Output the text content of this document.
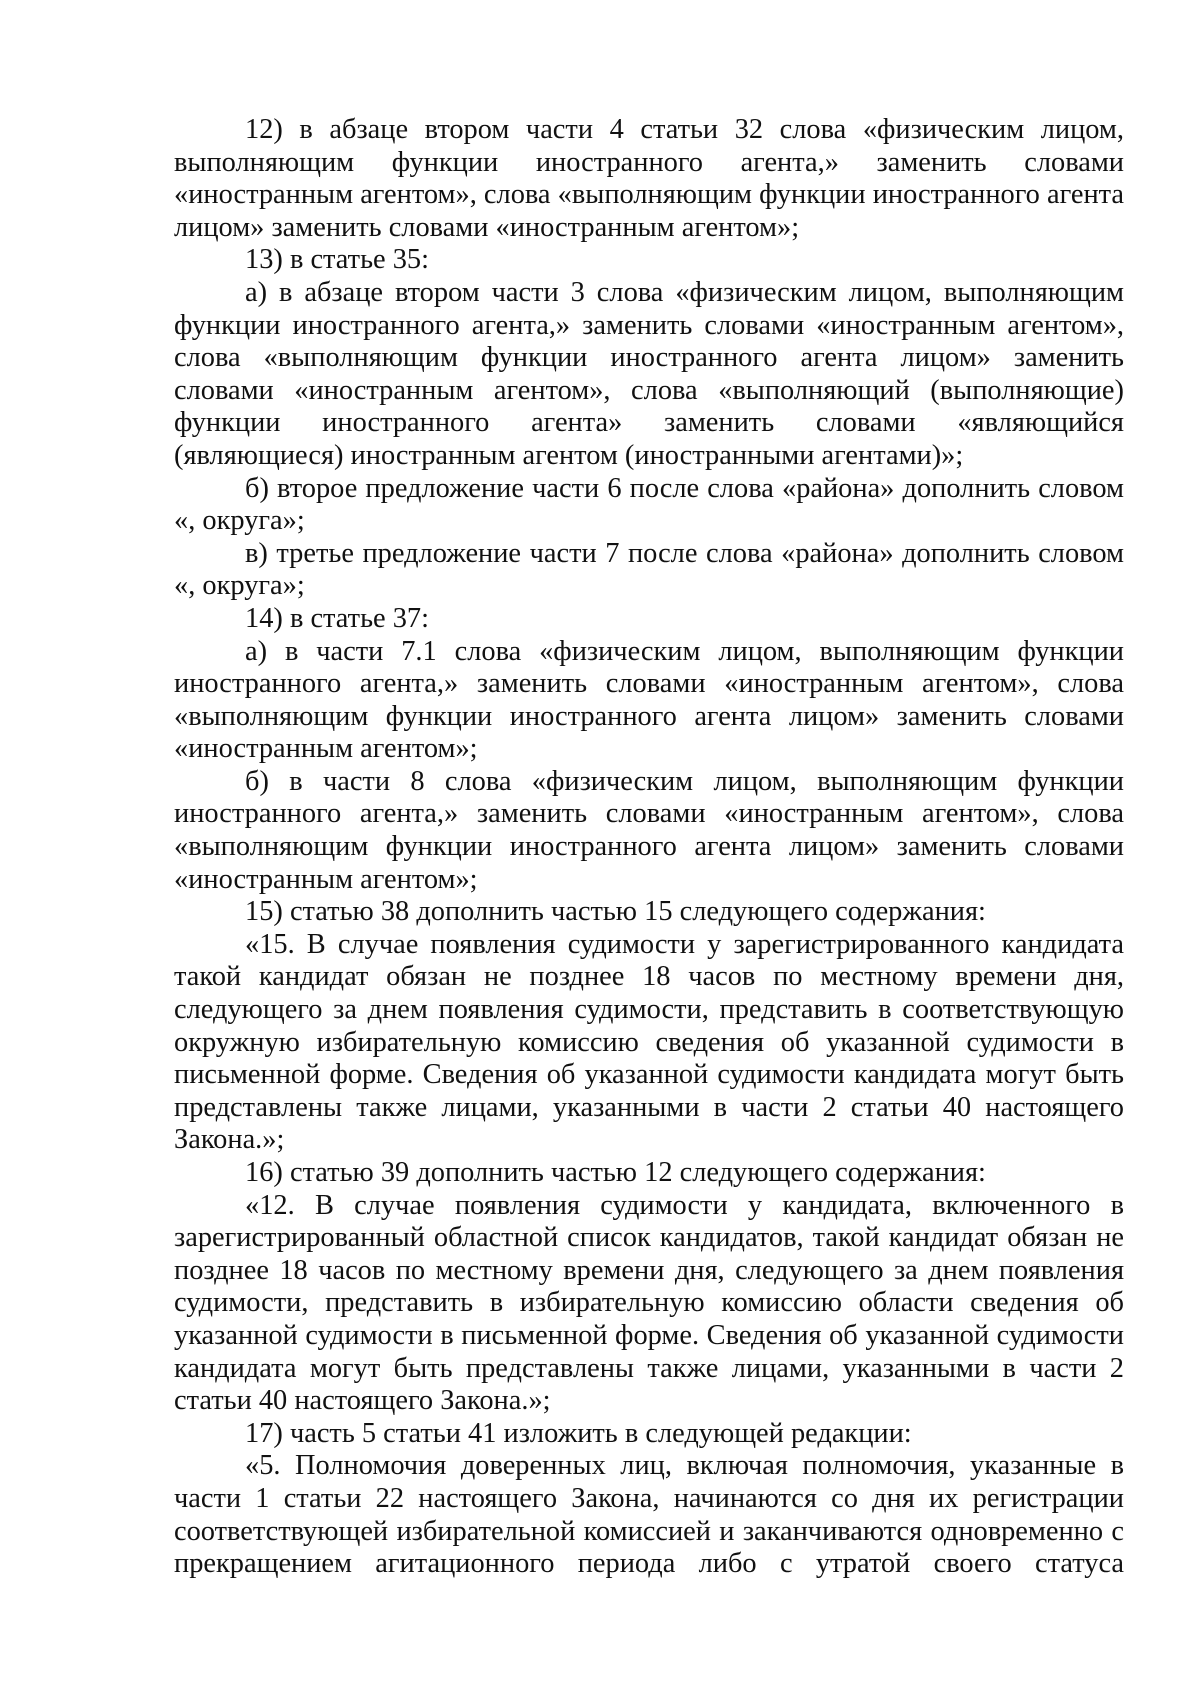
12) в абзаце втором части 4 статьи 32 слова «физическим лицом, выполняющим функции иностранного агента,» заменить словами «иностранным агентом», слова «выполняющим функции иностранного агента лицом» заменить словами «иностранным агентом»;

13) в статье 35:

а) в абзаце втором части 3 слова «физическим лицом, выполняющим функции иностранного агента,» заменить словами «иностранным агентом», слова «выполняющим функции иностранного агента лицом» заменить словами «иностранным агентом», слова «выполняющий (выполняющие) функции иностранного агента» заменить словами «являющийся (являющиеся) иностранным агентом (иностранными агентами)»;

б) второе предложение части 6 после слова «района» дополнить словом «, округа»;

в) третье предложение части 7 после слова «района» дополнить словом «, округа»;

14) в статье 37:

а) в части 7.1 слова «физическим лицом, выполняющим функции иностранного агента,» заменить словами «иностранным агентом», слова «выполняющим функции иностранного агента лицом» заменить словами «иностранным агентом»;

б) в части 8 слова «физическим лицом, выполняющим функции иностранного агента,» заменить словами «иностранным агентом», слова «выполняющим функции иностранного агента лицом» заменить словами «иностранным агентом»;

15) статью 38 дополнить частью 15 следующего содержания:

«15. В случае появления судимости у зарегистрированного кандидата такой кандидат обязан не позднее 18 часов по местному времени дня, следующего за днем появления судимости, представить в соответствующую окружную избирательную комиссию сведения об указанной судимости в письменной форме. Сведения об указанной судимости кандидата могут быть представлены также лицами, указанными в части 2 статьи 40 настоящего Закона.»;

16) статью 39 дополнить частью 12 следующего содержания:

«12. В случае появления судимости у кандидата, включенного в зарегистрированный областной список кандидатов, такой кандидат обязан не позднее 18 часов по местному времени дня, следующего за днем появления судимости, представить в избирательную комиссию области сведения об указанной судимости в письменной форме. Сведения об указанной судимости кандидата могут быть представлены также лицами, указанными в части 2 статьи 40 настоящего Закона.»;

17) часть 5 статьи 41 изложить в следующей редакции:

«5. Полномочия доверенных лиц, включая полномочия, указанные в части 1 статьи 22 настоящего Закона, начинаются со дня их регистрации соответствующей избирательной комиссией и заканчиваются одновременно с прекращением агитационного периода либо с утратой своего статуса
